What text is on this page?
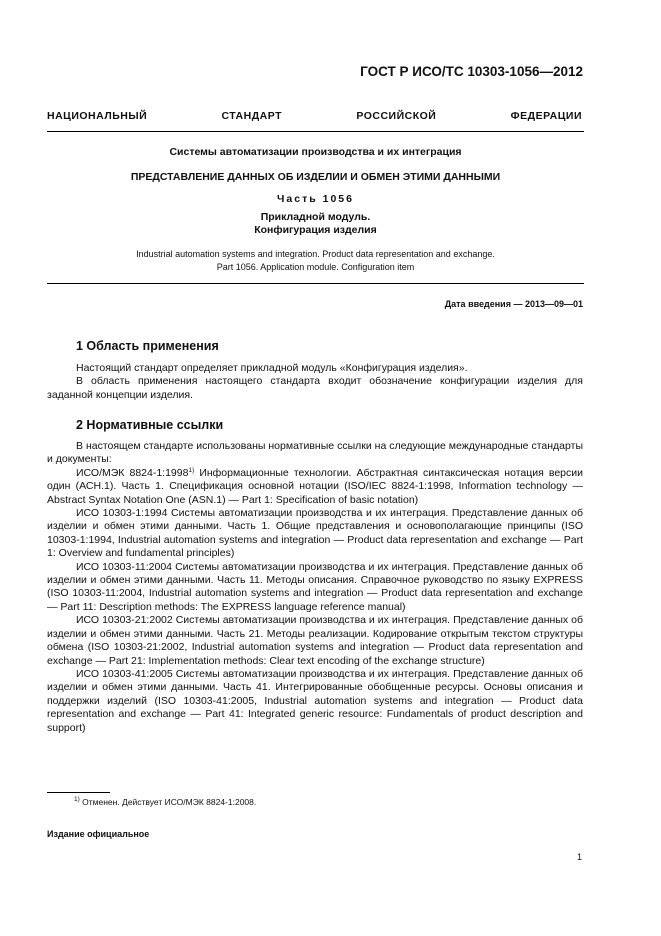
ГОСТ Р ИСО/ТС 10303-1056—2012
НАЦИОНАЛЬНЫЙ СТАНДАРТ РОССИЙСКОЙ ФЕДЕРАЦИИ
Системы автоматизации производства и их интеграция
ПРЕДСТАВЛЕНИЕ ДАННЫХ ОБ ИЗДЕЛИИ И ОБМЕН ЭТИМИ ДАННЫМИ
Часть 1056
Прикладной модуль.
Конфигурация изделия
Industrial automation systems and integration. Product data representation and exchange.
Part 1056. Application module. Configuration item
Дата введения — 2013—09—01
1 Область применения

Настоящий стандарт определяет прикладной модуль «Конфигурация изделия».

В область применения настоящего стандарта входит обозначение конфигурации изделия для заданной концепции изделия.

2 Нормативные ссылки

В настоящем стандарте использованы нормативные ссылки на следующие международные стандарты и документы:

ИСО/МЭК 8824-1:1998$^{1)}$ Информационные технологии. Абстрактная синтаксическая нотация версии один (АСН.1). Часть 1. Спецификация основной нотации (ISO/IEC 8824-1:1998, Information technology — Abstract Syntax Notation One (ASN.1) — Part 1: Specification of basic notation)

ИСО 10303-1:1994 Системы автоматизации производства и их интеграция. Представление данных об изделии и обмен этими данными. Часть 1. Общие представления и основополагающие принципы (ISO 10303-1:1994, Industrial automation systems and integration — Product data representation and exchange — Part 1: Overview and fundamental principles)

ИСО 10303-11:2004 Системы автоматизации производства и их интеграция. Представление данных об изделии и обмен этими данными. Часть 11. Методы описания. Справочное руководство по языку EXPRESS (ISO 10303-11:2004, Industrial automation systems and integration — Product data representation and exchange — Part 11: Description methods: The EXPRESS language reference manual)

ИСО 10303-21:2002 Системы автоматизации производства и их интеграция. Представление данных об изделии и обмен этими данными. Часть 21. Методы реализации. Кодирование открытым текстом структуры обмена (ISO 10303-21:2002, Industrial automation systems and integration — Product data representation and exchange — Part 21: Implementation methods: Clear text encoding of the exchange structure)

ИСО 10303-41:2005 Системы автоматизации производства и их интеграция. Представление данных об изделии и обмен этими данными. Часть 41. Интегрированные обобщенные ресурсы. Основы описания и поддержки изделий (ISO 10303-41:2005, Industrial automation systems and integration — Product data representation and exchange — Part 41: Integrated generic resource: Fundamentals of product description and support)

$^{1)}$ Отменен. Действует ИСО/МЭК 8824-1:2008.
Издание официальное
1
